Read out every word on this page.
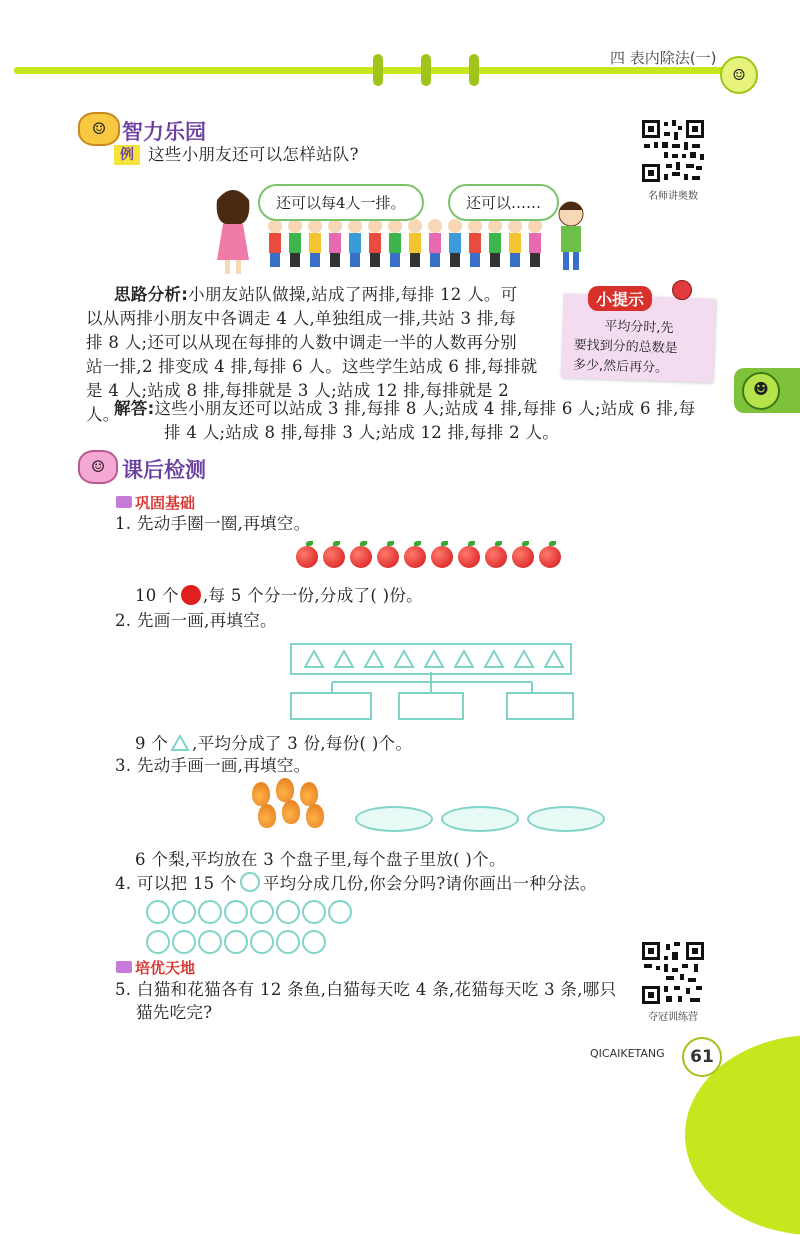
四 表内除法(一)
☺
☻
☺ 智力乐园
例 这些小朋友还可以怎样站队?
名师讲奥数
还可以每4人一排。	还可以……
思路分析:小朋友站队做操,站成了两排,每排 12 人。可
以从两排小朋友中各调走 4 人,单独组成一排,共站 3 排,每
排 8 人;还可以从现在每排的人数中调走一半的人数再分别
站一排,2 排变成 4 排,每排 6 人。这些学生站成 6 排,每排就
是 4 人;站成 8 排,每排就是 3 人;站成 12 排,每排就是 2 人。
平均分时,先
要找到分的总数是
多少,然后再分。
小提示
解答:这些小朋友还可以站成 3 排,每排 8 人;站成 4 排,每排 6 人;站成 6 排,每
排 4 人;站成 8 排,每排 3 人;站成 12 排,每排 2 人。
☺ 课后检测
巩固基础
1. 先动手圈一圈,再填空。
10 个 ,每 5 个分一份,分成了( )份。
2. 先画一画,再填空。
9 个 ,平均分成了 3 份,每份( )个。
3. 先动手画一画,再填空。
6 个梨,平均放在 3 个盘子里,每个盘子里放( )个。
4. 可以把 15 个 平均分成几份,你会分吗?请你画出一种分法。
培优天地
5. 白猫和花猫各有 12 条鱼,白猫每天吃 4 条,花猫每天吃 3 条,哪只
猫先吃完?	夺冠训练营
QICAIKETANG	61
